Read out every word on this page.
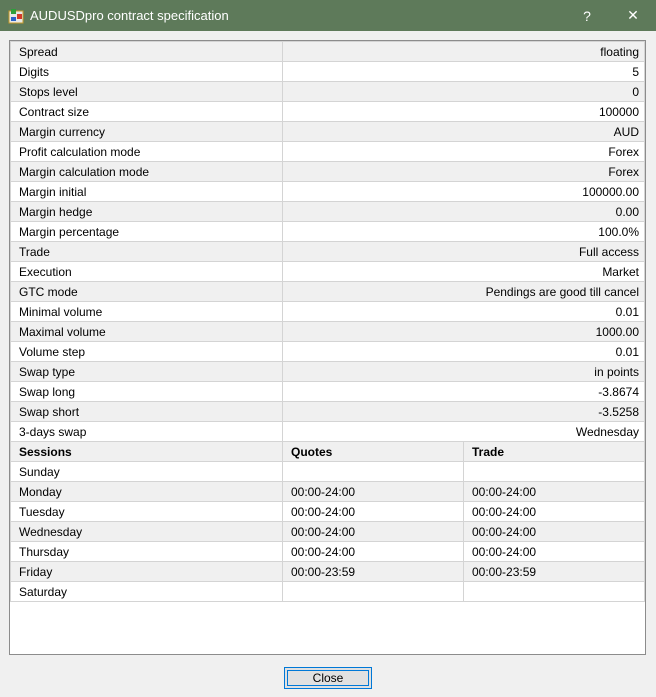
AUDUSDpro contract specification	?	✕
Spread	floating	
Digits	5	
Stops level	0	
Contract size	100000	
Margin currency	AUD	
Profit calculation mode	Forex	
Margin calculation mode	Forex	
Margin initial	100000.00	
Margin hedge	0.00	
Margin percentage	100.0%	
Trade	Full access	
Execution	Market	
GTC mode	Pendings are good till cancel	
Minimal volume	0.01	
Maximal volume	1000.00	
Volume step	0.01	
Swap type	in points	
Swap long	-3.8674	
Swap short	-3.5258	
3-days swap	Wednesday	
Sessions	Quotes	Trade
Sunday		
Monday	00:00-24:00	00:00-24:00
Tuesday	00:00-24:00	00:00-24:00
Wednesday	00:00-24:00	00:00-24:00
Thursday	00:00-24:00	00:00-24:00
Friday	00:00-23:59	00:00-23:59
Saturday		
Close
